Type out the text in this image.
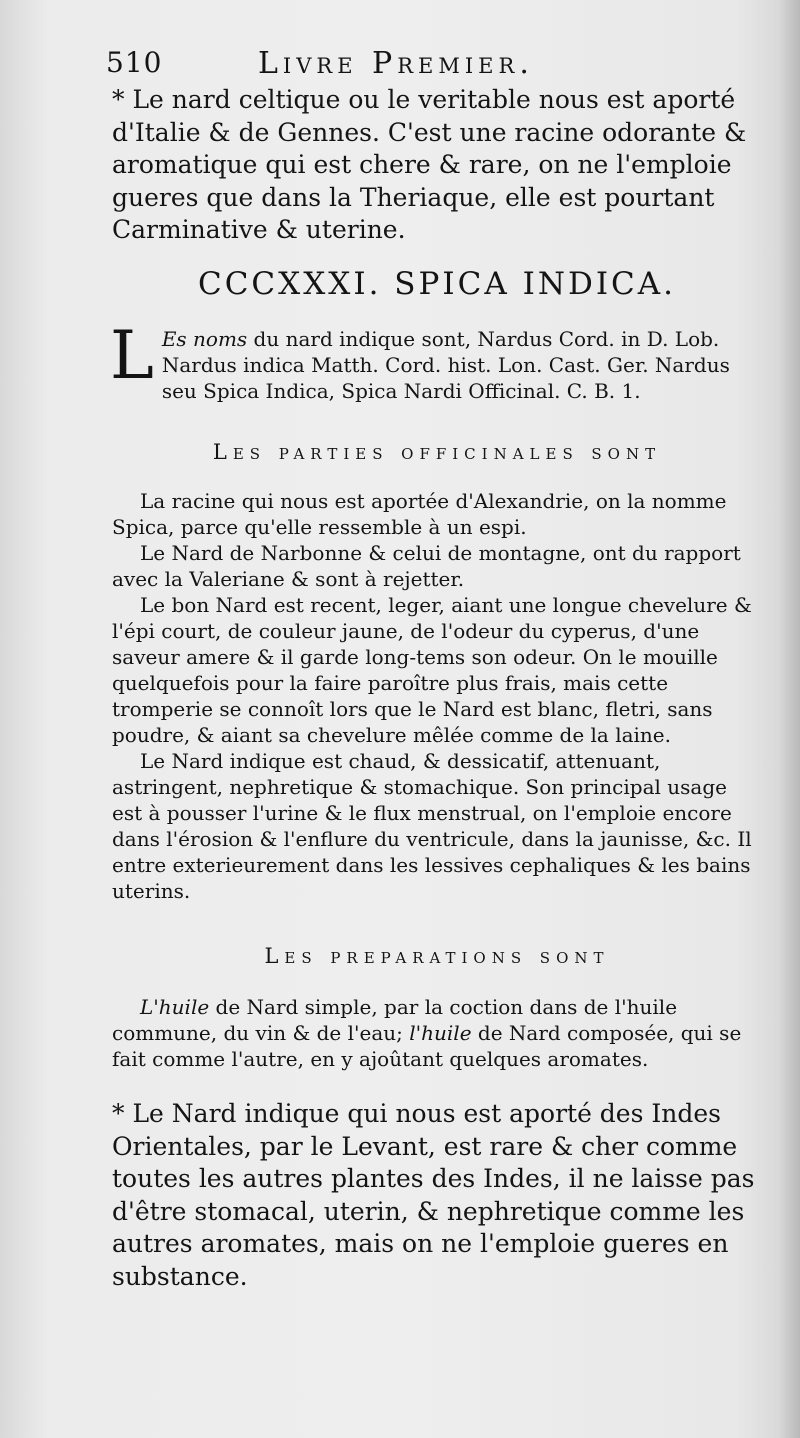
510	Livre Premier.
* Le nard celtique ou le veritable nous est aporté d'Italie & de Gennes. C'est une racine odorante & aromatique qui est chere & rare, on ne l'emploie gueres que dans la Theriaque, elle est pourtant Carminative & uterine.
CCCXXXI. SPICA INDICA.
L Es noms du nard indique sont, Nardus Cord. in D. Lob. Nardus indica Matth. Cord. hist. Lon. Cast. Ger. Nardus seu Spica Indica, Spica Nardi Officinal. C. B. 1.
Les parties officinales sont

La racine qui nous est aportée d'Alexandrie, on la nomme Spica, parce qu'elle ressemble à un espi.

Le Nard de Narbonne & celui de montagne, ont du rapport avec la Valeriane & sont à rejetter.

Le bon Nard est recent, leger, aiant une longue chevelure & l'épi court, de couleur jaune, de l'odeur du cyperus, d'une saveur amere & il garde long-tems son odeur. On le mouille quelquefois pour la faire paroître plus frais, mais cette tromperie se connoît lors que le Nard est blanc, fletri, sans poudre, & aiant sa chevelure mêlée comme de la laine.

Le Nard indique est chaud, & dessicatif, attenuant, astringent, nephretique & stomachique. Son principal usage est à pousser l'urine & le flux menstrual, on l'emploie encore dans l'érosion & l'enflure du ventricule, dans la jaunisse, &c. Il entre exterieurement dans les lessives cephaliques & les bains uterins.

Les preparations sont

L'huile de Nard simple, par la coction dans de l'huile commune, du vin & de l'eau; l'huile de Nard composée, qui se fait comme l'autre, en y ajoûtant quelques aromates.

* Le Nard indique qui nous est aporté des Indes Orientales, par le Levant, est rare & cher comme toutes les autres plantes des Indes, il ne laisse pas d'être stomacal, uterin, & nephretique comme les autres aromates, mais on ne l'emploie gueres en substance.
